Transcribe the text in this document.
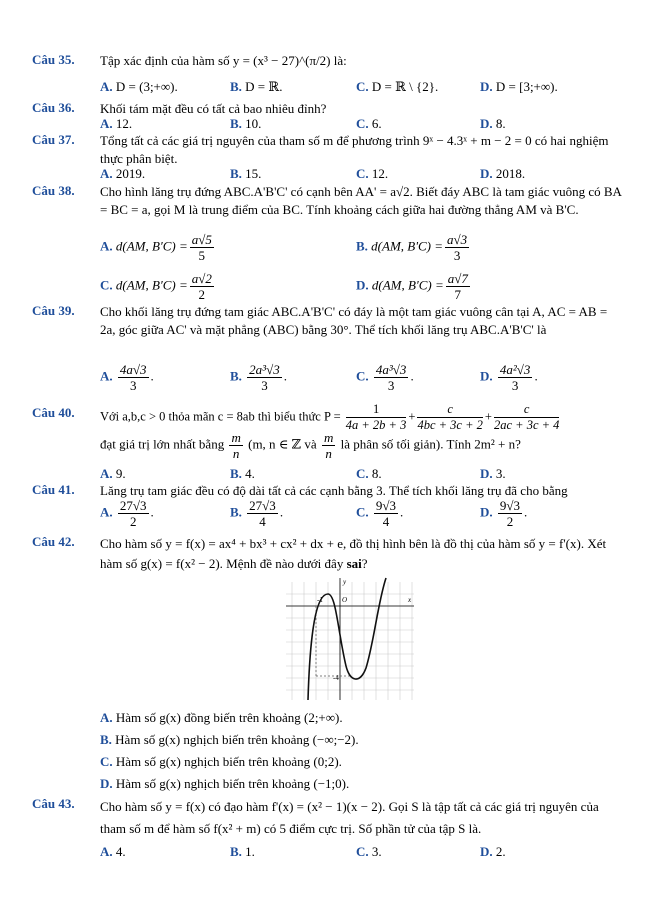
Câu 35. Tập xác định của hàm số y = (x³ − 27)^(π/2) là:
A. D = (3;+∞).	B. D = ℝ.	C. D = ℝ \ {2}.	D. D = [3;+∞).
Câu 36. Khối tám mặt đều có tất cả bao nhiêu đỉnh?
A. 12.	B. 10.	C. 6.	D. 8.
Câu 37. Tổng tất cả các giá trị nguyên của tham số m để phương trình 9ˣ − 4.3ˣ + m − 2 = 0 có hai nghiệm thực phân biệt.
A. 2019.	B. 15.	C. 12.	D. 2018.
Câu 38. Cho hình lăng trụ đứng ABC.A'B'C' có cạnh bên AA' = a√2. Biết đáy ABC là tam giác vuông có BA = BC = a, gọi M là trung điểm của BC. Tính khoảng cách giữa hai đường thẳng AM và B'C.
A. d(AM, $B'C) = \frac{a√5}{5}$	B. d(AM, $B'C) = \frac{a√3}{3}$
C. d(AM, $B'C) = \frac{a√2}{2}$	D. d(AM, $B'C) = \frac{a√7}{7}$
Câu 39. Cho khối lăng trụ đứng tam giác ABC.A'B'C' có đáy là một tam giác vuông cân tại A, AC = AB = 2a, góc giữa AC' và mặt phẳng (ABC) bằng 30°. Thể tích khối lăng trụ ABC.A'B'C' là
A. $\frac{4a√3}{3}$ .	B. $\frac{\text{2a³√3}}{3}$ .	C. $\frac{\text{4a³√3}}{3}$ .	D. $\frac{\text{4a²√3}}{3}$ .
Câu 40. Với a,b,c > 0 thỏa mãn c = 8ab thì biểu thức $P = \frac{1}{4a + 2b + 3} + \frac{c}{4bc + 3c + 2} + \frac{c}{2ac + 3c + 4}$
đạt giá trị lớn nhất bằng $\frac{m}{n} (m$, n ∈ ℤ và $\frac{m}{n}$ là phân số tối giản). Tính 2m² + n?
A. 9.	B. 4.	C. 8.	D. 3.
Câu 41. Lăng trụ tam giác đều có độ dài tất cả các cạnh bằng 3. Thể tích khối lăng trụ đã cho bằng
A. $\frac{27√3}{2}$ .	B. $\frac{27√3}{4}$ .	C. $\frac{9√3}{4}$ .	D. $\frac{9√3}{2}$ .
Câu 42. Cho hàm số y = f(x) = ax⁴ + bx³ + cx² + dx + e, đồ thị hình bên là đồ thị của hàm số y = f'(x). Xét hàm số g(x) = f(x² − 2). Mệnh đề nào dưới đây sai?
y
x
O
-1
-4
A. Hàm số g(x) đồng biến trên khoảng (2;+∞).
B. Hàm số g(x) nghịch biến trên khoảng (−∞;−2).
C. Hàm số g(x) nghịch biến trên khoảng (0;2).
D. Hàm số g(x) nghịch biến trên khoảng (−1;0).
Câu 43. Cho hàm số y = f(x) có đạo hàm f'(x) = (x² − 1)(x − 2). Gọi S là tập tất cả các giá trị nguyên của tham số m để hàm số f(x² + m) có 5 điểm cực trị. Số phần tử của tập S là.
A. 4.	B. 1.	C. 3.	D. 2.
